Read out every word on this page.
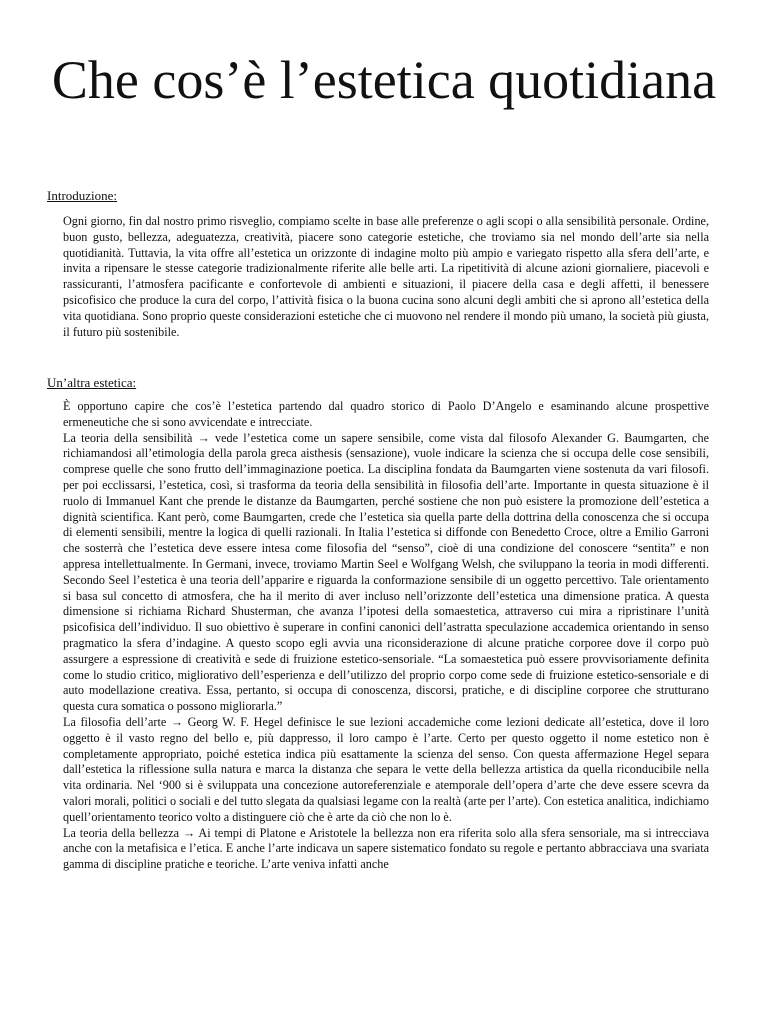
Che cos’è l’estetica quotidiana
Introduzione:

Ogni giorno, fin dal nostro primo risveglio, compiamo scelte in base alle preferenze o agli scopi o alla sensibilità personale. Ordine, buon gusto, bellezza, adeguatezza, creatività, piacere sono categorie estetiche, che troviamo sia nel mondo dell’arte sia nella quotidianità. Tuttavia, la vita offre all’estetica un orizzonte di indagine molto più ampio e variegato rispetto alla sfera dell’arte, e invita a ripensare le stesse categorie tradizionalmente riferite alle belle arti. La ripetitività di alcune azioni giornaliere, piacevoli e rassicuranti, l’atmosfera pacificante e confortevole di ambienti e situazioni, il piacere della casa e degli affetti, il benessere psicofisico che produce la cura del corpo, l’attività fisica o la buona cucina sono alcuni degli ambiti che si aprono all’estetica della vita quotidiana. Sono proprio queste considerazioni estetiche che ci muovono nel rendere il mondo più umano, la società più giusta, il futuro più sostenibile.

Un’altra estetica:

È opportuno capire che cos’è l’estetica partendo dal quadro storico di Paolo D’Angelo e esaminando alcune prospettive ermeneutiche che si sono avvicendate e intrecciate.

La teoria della sensibilità → vede l’estetica come un sapere sensibile, come vista dal filosofo Alexander G. Baumgarten, che richiamandosi all’etimologia della parola greca aisthesis (sensazione), vuole indicare la scienza che si occupa delle cose sensibili, comprese quelle che sono frutto dell’immaginazione poetica. La disciplina fondata da Baumgarten viene sostenuta da vari filosofi. per poi ecclissarsi, l’estetica, così, si trasforma da teoria della sensibilità in filosofia dell’arte. Importante in questa situazione è il ruolo di Immanuel Kant che prende le distanze da Baumgarten, perché sostiene che non può esistere la promozione dell’estetica a dignità scientifica. Kant però, come Baumgarten, crede che l’estetica sia quella parte della dottrina della conoscenza che si occupa di elementi sensibili, mentre la logica di quelli razionali. In Italia l’estetica si diffonde con Benedetto Croce, oltre a Emilio Garroni che sosterrà che l’estetica deve essere intesa come filosofia del “senso”, cioè di una condizione del conoscere “sentita” e non appresa intellettualmente. In Germani, invece, troviamo Martin Seel e Wolfgang Welsh, che sviluppano la teoria in modi differenti. Secondo Seel l’estetica è una teoria dell’apparire e riguarda la conformazione sensibile di un oggetto percettivo. Tale orientamento si basa sul concetto di atmosfera, che ha il merito di aver incluso nell’orizzonte dell’estetica una dimensione pratica. A questa dimensione si richiama Richard Shusterman, che avanza l’ipotesi della somaestetica, attraverso cui mira a ripristinare l’unità psicofisica dell’individuo. Il suo obiettivo è superare in confini canonici dell’astratta speculazione accademica orientando in senso pragmatico la sfera d’indagine. A questo scopo egli avvia una riconsiderazione di alcune pratiche corporee dove il corpo può assurgere a espressione di creatività e sede di fruizione estetico-sensoriale. “La somaestetica può essere provvisoriamente definita come lo studio critico, migliorativo dell’esperienza e dell’utilizzo del proprio corpo come sede di fruizione estetico-sensoriale e di auto modellazione creativa. Essa, pertanto, si occupa di conoscenza, discorsi, pratiche, e di discipline corporee che strutturano questa cura somatica o possono migliorarla.”

La filosofia dell’arte → Georg W. F. Hegel definisce le sue lezioni accademiche come lezioni dedicate all’estetica, dove il loro oggetto è il vasto regno del bello e, più dappresso, il loro campo è l’arte. Certo per questo oggetto il nome estetico non è completamente appropriato, poiché estetica indica più esattamente la scienza del senso. Con questa affermazione Hegel separa dall’estetica la riflessione sulla natura e marca la distanza che separa le vette della bellezza artistica da quella riconducibile nella vita ordinaria. Nel ‘900 si è sviluppata una concezione autoreferenziale e atemporale dell’opera d’arte che deve essere scevra da valori morali, politici o sociali e del tutto slegata da qualsiasi legame con la realtà (arte per l’arte). Con estetica analitica, indichiamo quell’orientamento teorico volto a distinguere ciò che è arte da ciò che non lo è.

La teoria della bellezza → Ai tempi di Platone e Aristotele la bellezza non era riferita solo alla sfera sensoriale, ma si intrecciava anche con la metafisica e l’etica. E anche l’arte indicava un sapere sistematico fondato su regole e pertanto abbracciava una svariata gamma di discipline pratiche e teoriche. L’arte veniva infatti anche
